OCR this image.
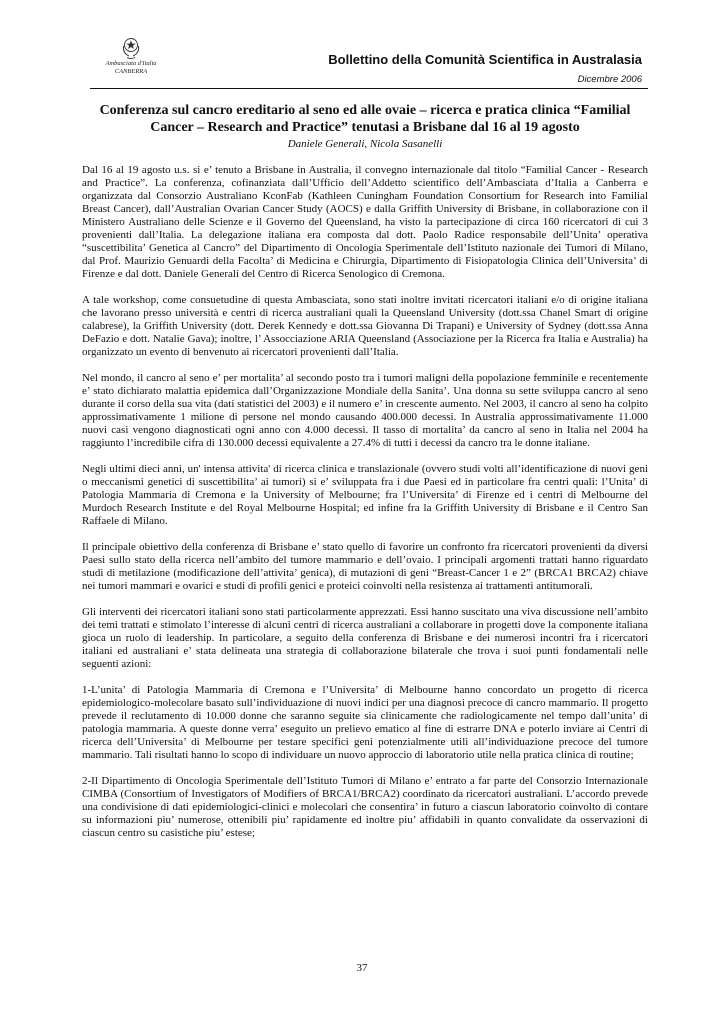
Ambasciata d'Italia
CANBERRA
Bollettino della Comunità Scientifica in Australasia
Dicembre 2006
Conferenza sul cancro ereditario al seno ed alle ovaie – ricerca e pratica clinica “Familial Cancer – Research and Practice” tenutasi a Brisbane dal 16 al 19 agosto
Daniele Generali, Nicola Sasanelli

Dal 16 al 19 agosto u.s. si e’ tenuto a Brisbane in Australia, il convegno internazionale dal titolo “Familial Cancer - Research and Practice”. La conferenza, cofinanziata dall’Ufficio dell’Addetto scientifico dell’Ambasciata d’Italia a Canberra e organizzata dal Consorzio Australiano KconFab (Kathleen Cuningham Foundation Consortium for Research into Familial Breast Cancer), dall’Australian Ovarian Cancer Study (AOCS) e dalla Griffith University di Brisbane, in collaborazione con il Ministero Australiano delle Scienze e il Governo del Queensland, ha visto la partecipazione di circa 160 ricercatori di cui 3 provenienti dall’Italia. La delegazione italiana era composta dal dott. Paolo Radice responsabile dell’Unita’ operativa “suscettibilita’ Genetica al Cancro” del Dipartimento di Oncologia Sperimentale dell’Istituto nazionale dei Tumori di Milano, dal Prof. Maurizio Genuardi della Facolta’ di Medicina e Chirurgia, Dipartimento di Fisiopatologia Clinica dell’Universita’ di Firenze e dal dott. Daniele Generali del Centro di Ricerca Senologico di Cremona.

A tale workshop, come consuetudine di questa Ambasciata, sono stati inoltre invitati ricercatori italiani e/o di origine italiana che lavorano presso università e centri di ricerca australiani quali la Queensland University (dott.ssa Chanel Smart di origine calabrese), la Griffith University (dott. Derek Kennedy e dott.ssa Giovanna Di Trapani) e University of Sydney (dott.ssa Anna DeFazio e dott. Natalie Gava); inoltre, l’ Assocciazione ARIA Queensland (Associazione per la Ricerca fra Italia e Australia) ha organizzato un evento di benvenuto ai ricercatori provenienti dall’Italia.

Nel mondo, il cancro al seno e’ per mortalita’ al secondo posto tra i tumori maligni della popolazione femminile e recentemente e’ stato dichiarato malattia epidemica dall’Organizzazione Mondiale della Sanita’. Una donna su sette sviluppa cancro al seno durante il corso della sua vita (dati statistici del 2003) e il numero e’ in crescente aumento. Nel 2003, il cancro al seno ha colpito approssimativamente 1 milione di persone nel mondo causando 400.000 decessi. In Australia approssimativamente 11.000 nuovi casi vengono diagnosticati ogni anno con 4.000 decessi. Il tasso di mortalita’ da cancro al seno in Italia nel 2004 ha raggiunto l’incredibile cifra di 130.000 decessi equivalente a 27.4% di tutti i decessi da cancro tra le donne italiane.

Negli ultimi dieci anni, un' intensa attivita' di ricerca clinica e translazionale (ovvero studi volti all’identificazione di nuovi geni o meccanismi genetici di suscettibilita’ ai tumori) si e’ sviluppata fra i due Paesi ed in particolare fra centri quali: l’Unita’ di Patologia Mammaria di Cremona e la University of Melbourne; fra l’Universita’ di Firenze ed i centri di Melbourne del Murdoch Research Institute e del Royal Melbourne Hospital; ed infine fra la Griffith University di Brisbane e il Centro San Raffaele di Milano.

Il principale obiettivo della conferenza di Brisbane e’ stato quello di favorire un confronto fra ricercatori provenienti da diversi Paesi sullo stato della ricerca nell’ambito del tumore mammario e dell’ovaio. I principali argomenti trattati hanno riguardato studi di metilazione (modificazione dell’attivita’ genica), di mutazioni di geni “Breast-Cancer 1 e 2” (BRCA1 BRCA2) chiave nei tumori mammari e ovarici e studi di profili genici e proteici coinvolti nella resistenza ai trattamenti antitumorali.

Gli interventi dei ricercatori italiani sono stati particolarmente apprezzati. Essi hanno suscitato una viva discussione nell’ambito dei temi trattati e stimolato l’interesse di alcuni centri di ricerca australiani a collaborare in progetti dove la componente italiana gioca un ruolo di leadership. In particolare, a seguito della conferenza di Brisbane e dei numerosi incontri fra i ricercatori italiani ed australiani e’ stata delineata una strategia di collaborazione bilaterale che trova i suoi punti fondamentali nelle seguenti azioni:

1-L’unita’ di Patologia Mammaria di Cremona e l’Universita’ di Melbourne hanno concordato un progetto di ricerca epidemiologico-molecolare basato sull’individuazione di nuovi indici per una diagnosi precoce di cancro mammario. Il progetto prevede il reclutamento di 10.000 donne che saranno seguite sia clinicamente che radiologicamente nel tempo dall’unita’ di patologia mammaria. A queste donne verra’ eseguito un prelievo ematico al fine di estrarre DNA e poterlo inviare ai Centri di ricerca dell’Universita’ di Melbourne per testare specifici geni potenzialmente utili all’individuazione precoce del tumore mammario. Tali risultati hanno lo scopo di individuare un nuovo approccio di laboratorio utile nella pratica clinica di routine;

2-Il Dipartimento di Oncologia Sperimentale dell’Istituto Tumori di Milano e’ entrato a far parte del Consorzio Internazionale CIMBA (Consortium of Investigators of Modifiers of BRCA1/BRCA2) coordinato da ricercatori australiani. L’accordo prevede una condivisione di dati epidemiologici-clinici e molecolari che consentira’ in futuro a ciascun laboratorio coinvolto di contare su informazioni piu’ numerose, ottenibili piu’ rapidamente ed inoltre piu’ affidabili in quanto convalidate da osservazioni di ciascun centro su casistiche piu’ estese;

37
